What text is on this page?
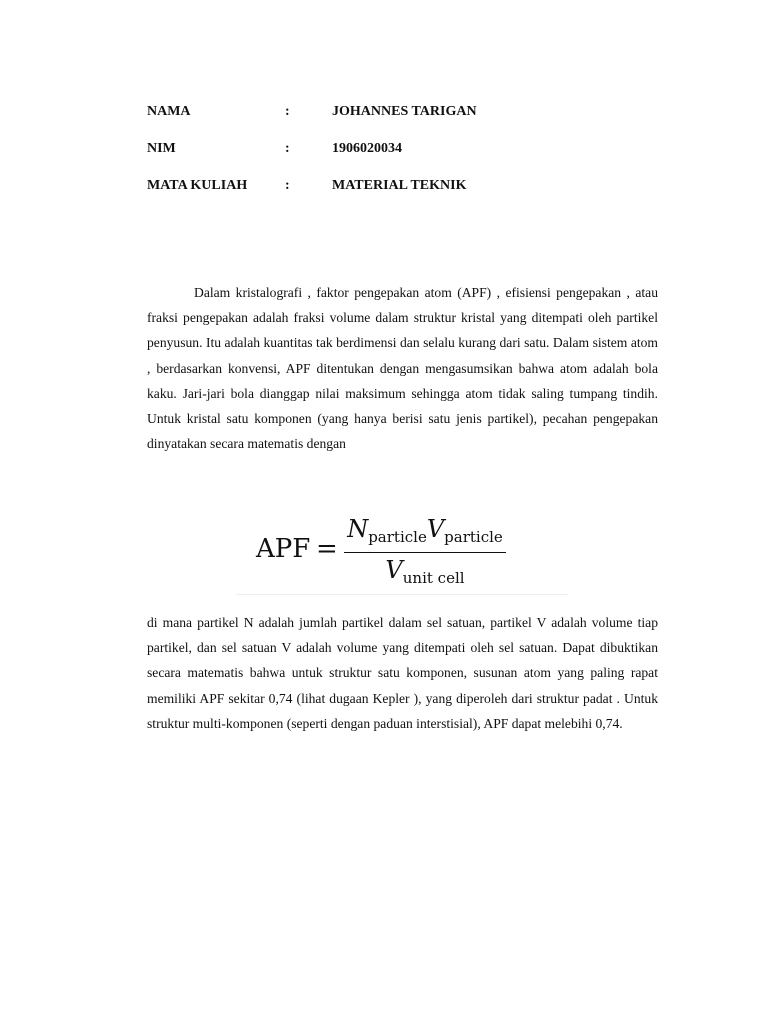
NAMA	:	JOHANNES TARIGAN
NIM	:	1906020034
MATA KULIAH	:	MATERIAL TEKNIK

Dalam kristalografi , faktor pengepakan atom (APF) , efisiensi pengepakan , atau fraksi pengepakan adalah fraksi volume dalam struktur kristal yang ditempati oleh partikel penyusun. Itu adalah kuantitas tak berdimensi dan selalu kurang dari satu. Dalam sistem atom , berdasarkan konvensi, APF ditentukan dengan mengasumsikan bahwa atom adalah bola kaku. Jari-jari bola dianggap nilai maksimum sehingga atom tidak saling tumpang tindih. Untuk kristal satu komponen (yang hanya berisi satu jenis partikel), pecahan pengepakan dinyatakan secara matematis dengan

APF =
$N_{particle}V_{particle}$
$V_{unit cell}$

di mana partikel N adalah jumlah partikel dalam sel satuan, partikel V adalah volume tiap partikel, dan sel satuan V adalah volume yang ditempati oleh sel satuan. Dapat dibuktikan secara matematis bahwa untuk struktur satu komponen, susunan atom yang paling rapat memiliki APF sekitar 0,74 (lihat dugaan Kepler ), yang diperoleh dari struktur padat . Untuk struktur multi-komponen (seperti dengan paduan interstisial), APF dapat melebihi 0,74.
